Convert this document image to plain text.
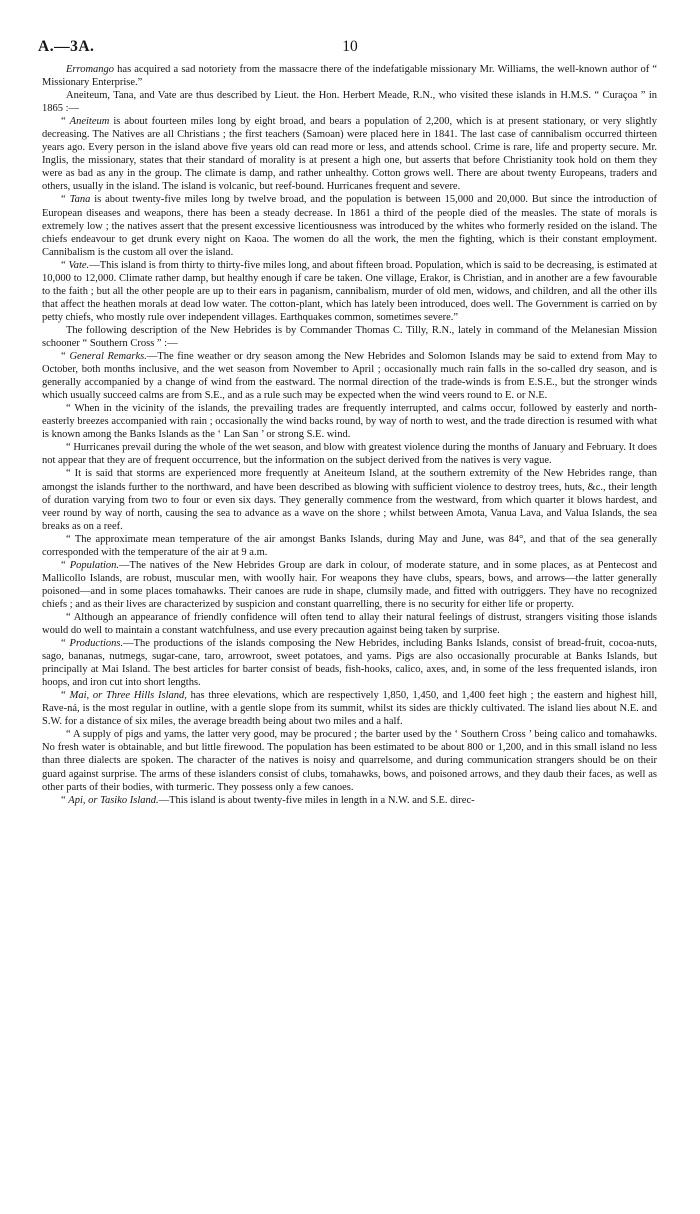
A.—3A.	10

Erromango has acquired a sad notoriety from the massacre there of the indefatigable missionary Mr. Williams, the well-known author of “ Missionary Enterprise.”

Aneiteum, Tana, and Vate are thus described by Lieut. the Hon. Herbert Meade, R.N., who visited these islands in H.M.S. “ Curaçoa ” in 1865 :—

“ Aneiteum is about fourteen miles long by eight broad, and bears a population of 2,200, which is at present stationary, or very slightly decreasing. The Natives are all Christians ; the first teachers (Samoan) were placed here in 1841. The last case of cannibalism occurred thirteen years ago. Every person in the island above five years old can read more or less, and attends school. Crime is rare, life and property secure. Mr. Inglis, the missionary, states that their standard of morality is at present a high one, but asserts that before Christianity took hold on them they were as bad as any in the group. The climate is damp, and rather unhealthy. Cotton grows well. There are about twenty Europeans, traders and others, usually in the island. The island is volcanic, but reef-bound. Hurricanes frequent and severe.

“ Tana is about twenty-five miles long by twelve broad, and the population is between 15,000 and 20,000. But since the introduction of European diseases and weapons, there has been a steady decrease. In 1861 a third of the people died of the measles. The state of morals is extremely low ; the natives assert that the present excessive licentiousness was introduced by the whites who formerly resided on the island. The chiefs endeavour to get drunk every night on Kaoa. The women do all the work, the men the fighting, which is their constant employment. Cannibalism is the custom all over the island.

“ Vate.—This island is from thirty to thirty-five miles long, and about fifteen broad. Population, which is said to be decreasing, is estimated at 10,000 to 12,000. Climate rather damp, but healthy enough if care be taken. One village, Erakor, is Christian, and in another are a few favourable to the faith ; but all the other people are up to their ears in paganism, cannibalism, murder of old men, widows, and children, and all the other ills that affect the heathen morals at dead low water. The cotton-plant, which has lately been introduced, does well. The Government is carried on by petty chiefs, who mostly rule over independent villages. Earthquakes common, sometimes severe.”

The following description of the New Hebrides is by Commander Thomas C. Tilly, R.N., lately in command of the Melanesian Mission schooner “ Southern Cross ” :—

“ General Remarks.—The fine weather or dry season among the New Hebrides and Solomon Islands may be said to extend from May to October, both months inclusive, and the wet season from November to April ; occasionally much rain falls in the so-called dry season, and is generally accompanied by a change of wind from the eastward. The normal direction of the trade-winds is from E.S.E., but the stronger winds which usually succeed calms are from S.E., and as a rule such may be expected when the wind veers round to E. or N.E.

“ When in the vicinity of the islands, the prevailing trades are frequently interrupted, and calms occur, followed by easterly and north-easterly breezes accompanied with rain ; occasionally the wind backs round, by way of north to west, and the trade direction is resumed with what is known among the Banks Islands as the ‘ Lan San ’ or strong S.E. wind.

“ Hurricanes prevail during the whole of the wet season, and blow with greatest violence during the months of January and February. It does not appear that they are of frequent occurrence, but the information on the subject derived from the natives is very vague.

“ It is said that storms are experienced more frequently at Aneiteum Island, at the southern extremity of the New Hebrides range, than amongst the islands further to the northward, and have been described as blowing with sufficient violence to destroy trees, huts, &c., their length of duration varying from two to four or even six days. They generally commence from the westward, from which quarter it blows hardest, and veer round by way of north, causing the sea to advance as a wave on the shore ; whilst between Amota, Vanua Lava, and Valua Islands, the sea breaks as on a reef.

“ The approximate mean temperature of the air amongst Banks Islands, during May and June, was 84°, and that of the sea generally corresponded with the temperature of the air at 9 a.m.

“ Population.—The natives of the New Hebrides Group are dark in colour, of moderate stature, and in some places, as at Pentecost and Mallicollo Islands, are robust, muscular men, with woolly hair. For weapons they have clubs, spears, bows, and arrows—the latter generally poisoned—and in some places tomahawks. Their canoes are rude in shape, clumsily made, and fitted with outriggers. They have no recognized chiefs ; and as their lives are characterized by suspicion and constant quarrelling, there is no security for either life or property.

“ Although an appearance of friendly confidence will often tend to allay their natural feelings of distrust, strangers visiting those islands would do well to maintain a constant watchfulness, and use every precaution against being taken by surprise.

“ Productions.—The productions of the islands composing the New Hebrides, including Banks Islands, consist of bread-fruit, cocoa-nuts, sago, bananas, nutmegs, sugar-cane, taro, arrowroot, sweet potatoes, and yams. Pigs are also occasionally procurable at Banks Islands, but principally at Mai Island. The best articles for barter consist of beads, fish-hooks, calico, axes, and, in some of the less frequented islands, iron hoops, and iron cut into short lengths.

“ Mai, or Three Hills Island, has three elevations, which are respectively 1,850, 1,450, and 1,400 feet high ; the eastern and highest hill, Rave-ná, is the most regular in outline, with a gentle slope from its summit, whilst its sides are thickly cultivated. The island lies about N.E. and S.W. for a distance of six miles, the average breadth being about two miles and a half.

“ A supply of pigs and yams, the latter very good, may be procured ; the barter used by the ‘ Southern Cross ’ being calico and tomahawks. No fresh water is obtainable, and but little firewood. The population has been estimated to be about 800 or 1,200, and in this small island no less than three dialects are spoken. The character of the natives is noisy and quarrelsome, and during communication strangers should be on their guard against surprise. The arms of these islanders consist of clubs, tomahawks, bows, and poisoned arrows, and they daub their faces, as well as other parts of their bodies, with turmeric. They possess only a few canoes.

“ Api, or Tasiko Island.—This island is about twenty-five miles in length in a N.W. and S.E. direc-
